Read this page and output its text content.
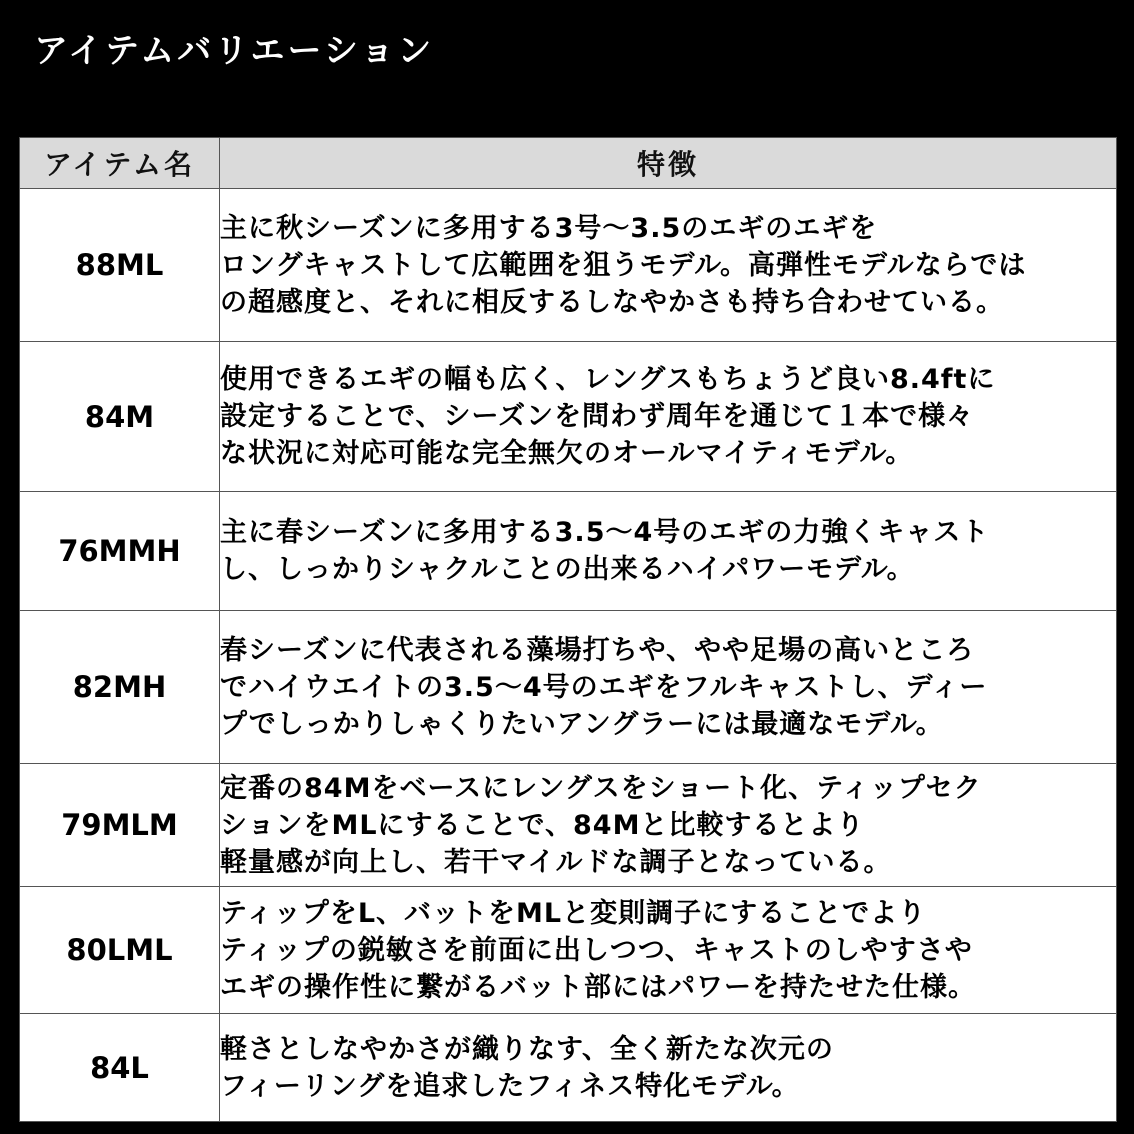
アイテムバリエーション
アイテム名	特徴
88ML	主に秋シーズンに多用する3号〜3.5のエギのエギを
ロングキャストして広範囲を狙うモデル。高弾性モデルならでは
の超感度と、それに相反するしなやかさも持ち合わせている。
84M	使用できるエギの幅も広く、レングスもちょうど良い8.4ftに
設定することで、シーズンを問わず周年を通じて１本で様々
な状況に対応可能な完全無欠のオールマイティモデル。
76MMH	主に春シーズンに多用する3.5〜4号のエギの力強くキャスト
し、しっかりシャクルことの出来るハイパワーモデル。
82MH	春シーズンに代表される藻場打ちや、やや足場の高いところ
でハイウエイトの3.5〜4号のエギをフルキャストし、ディー
プでしっかりしゃくりたいアングラーには最適なモデル。
79MLM	定番の84Mをベースにレングスをショート化、ティップセク
ションをMLにすることで、84Mと比較するとより
軽量感が向上し、若干マイルドな調子となっている。
80LML	ティップをL、バットをMLと変則調子にすることでより
ティップの鋭敏さを前面に出しつつ、キャストのしやすさや
エギの操作性に繋がるバット部にはパワーを持たせた仕様。
84L	軽さとしなやかさが織りなす、全く新たな次元の
フィーリングを追求したフィネス特化モデル。
